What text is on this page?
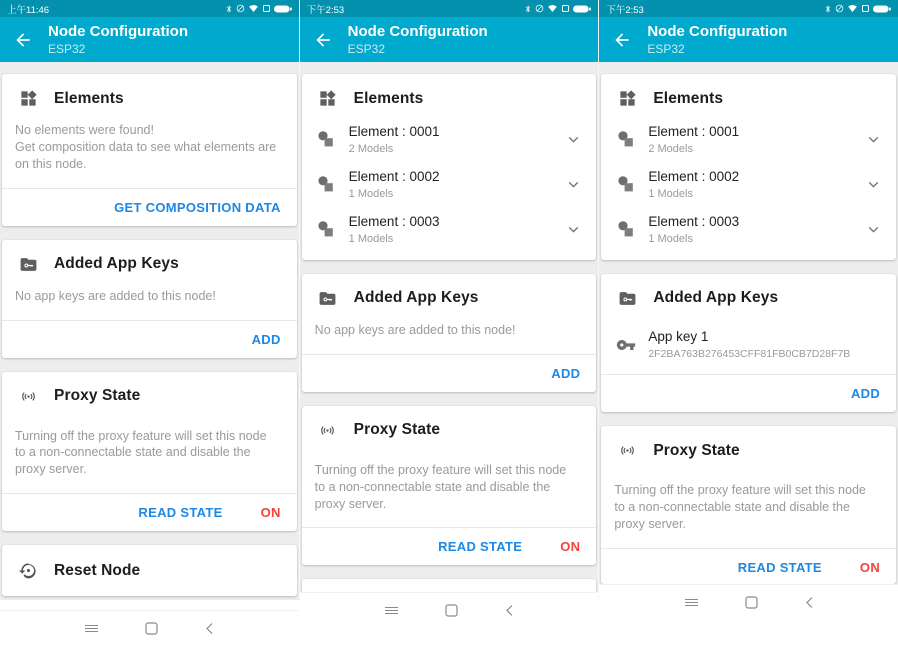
上午11:46
Node Configuration
ESP32
Elements
No elements were found!
Get composition data to see what elements are on this node.
GET COMPOSITION DATA
Added App Keys
No app keys are added to this node!
ADD
Proxy State
Turning off the proxy feature will set this node to a non-connectable state and disable the proxy server.
READ STATE	ON
Reset Node
下午2:53
Node Configuration
ESP32
Elements
Element : 0001
2 Models
Element : 0002
1 Models
Element : 0003
1 Models
Added App Keys
No app keys are added to this node!
ADD
Proxy State
Turning off the proxy feature will set this node to a non-connectable state and disable the proxy server.
READ STATE	ON
下午2:53
Node Configuration
ESP32
Elements
Element : 0001
2 Models
Element : 0002
1 Models
Element : 0003
1 Models
Added App Keys
App key 1
2F2BA763B276453CFF81FB0CB7D28F7B
ADD
Proxy State
Turning off the proxy feature will set this node to a non-connectable state and disable the proxy server.
READ STATE	ON
